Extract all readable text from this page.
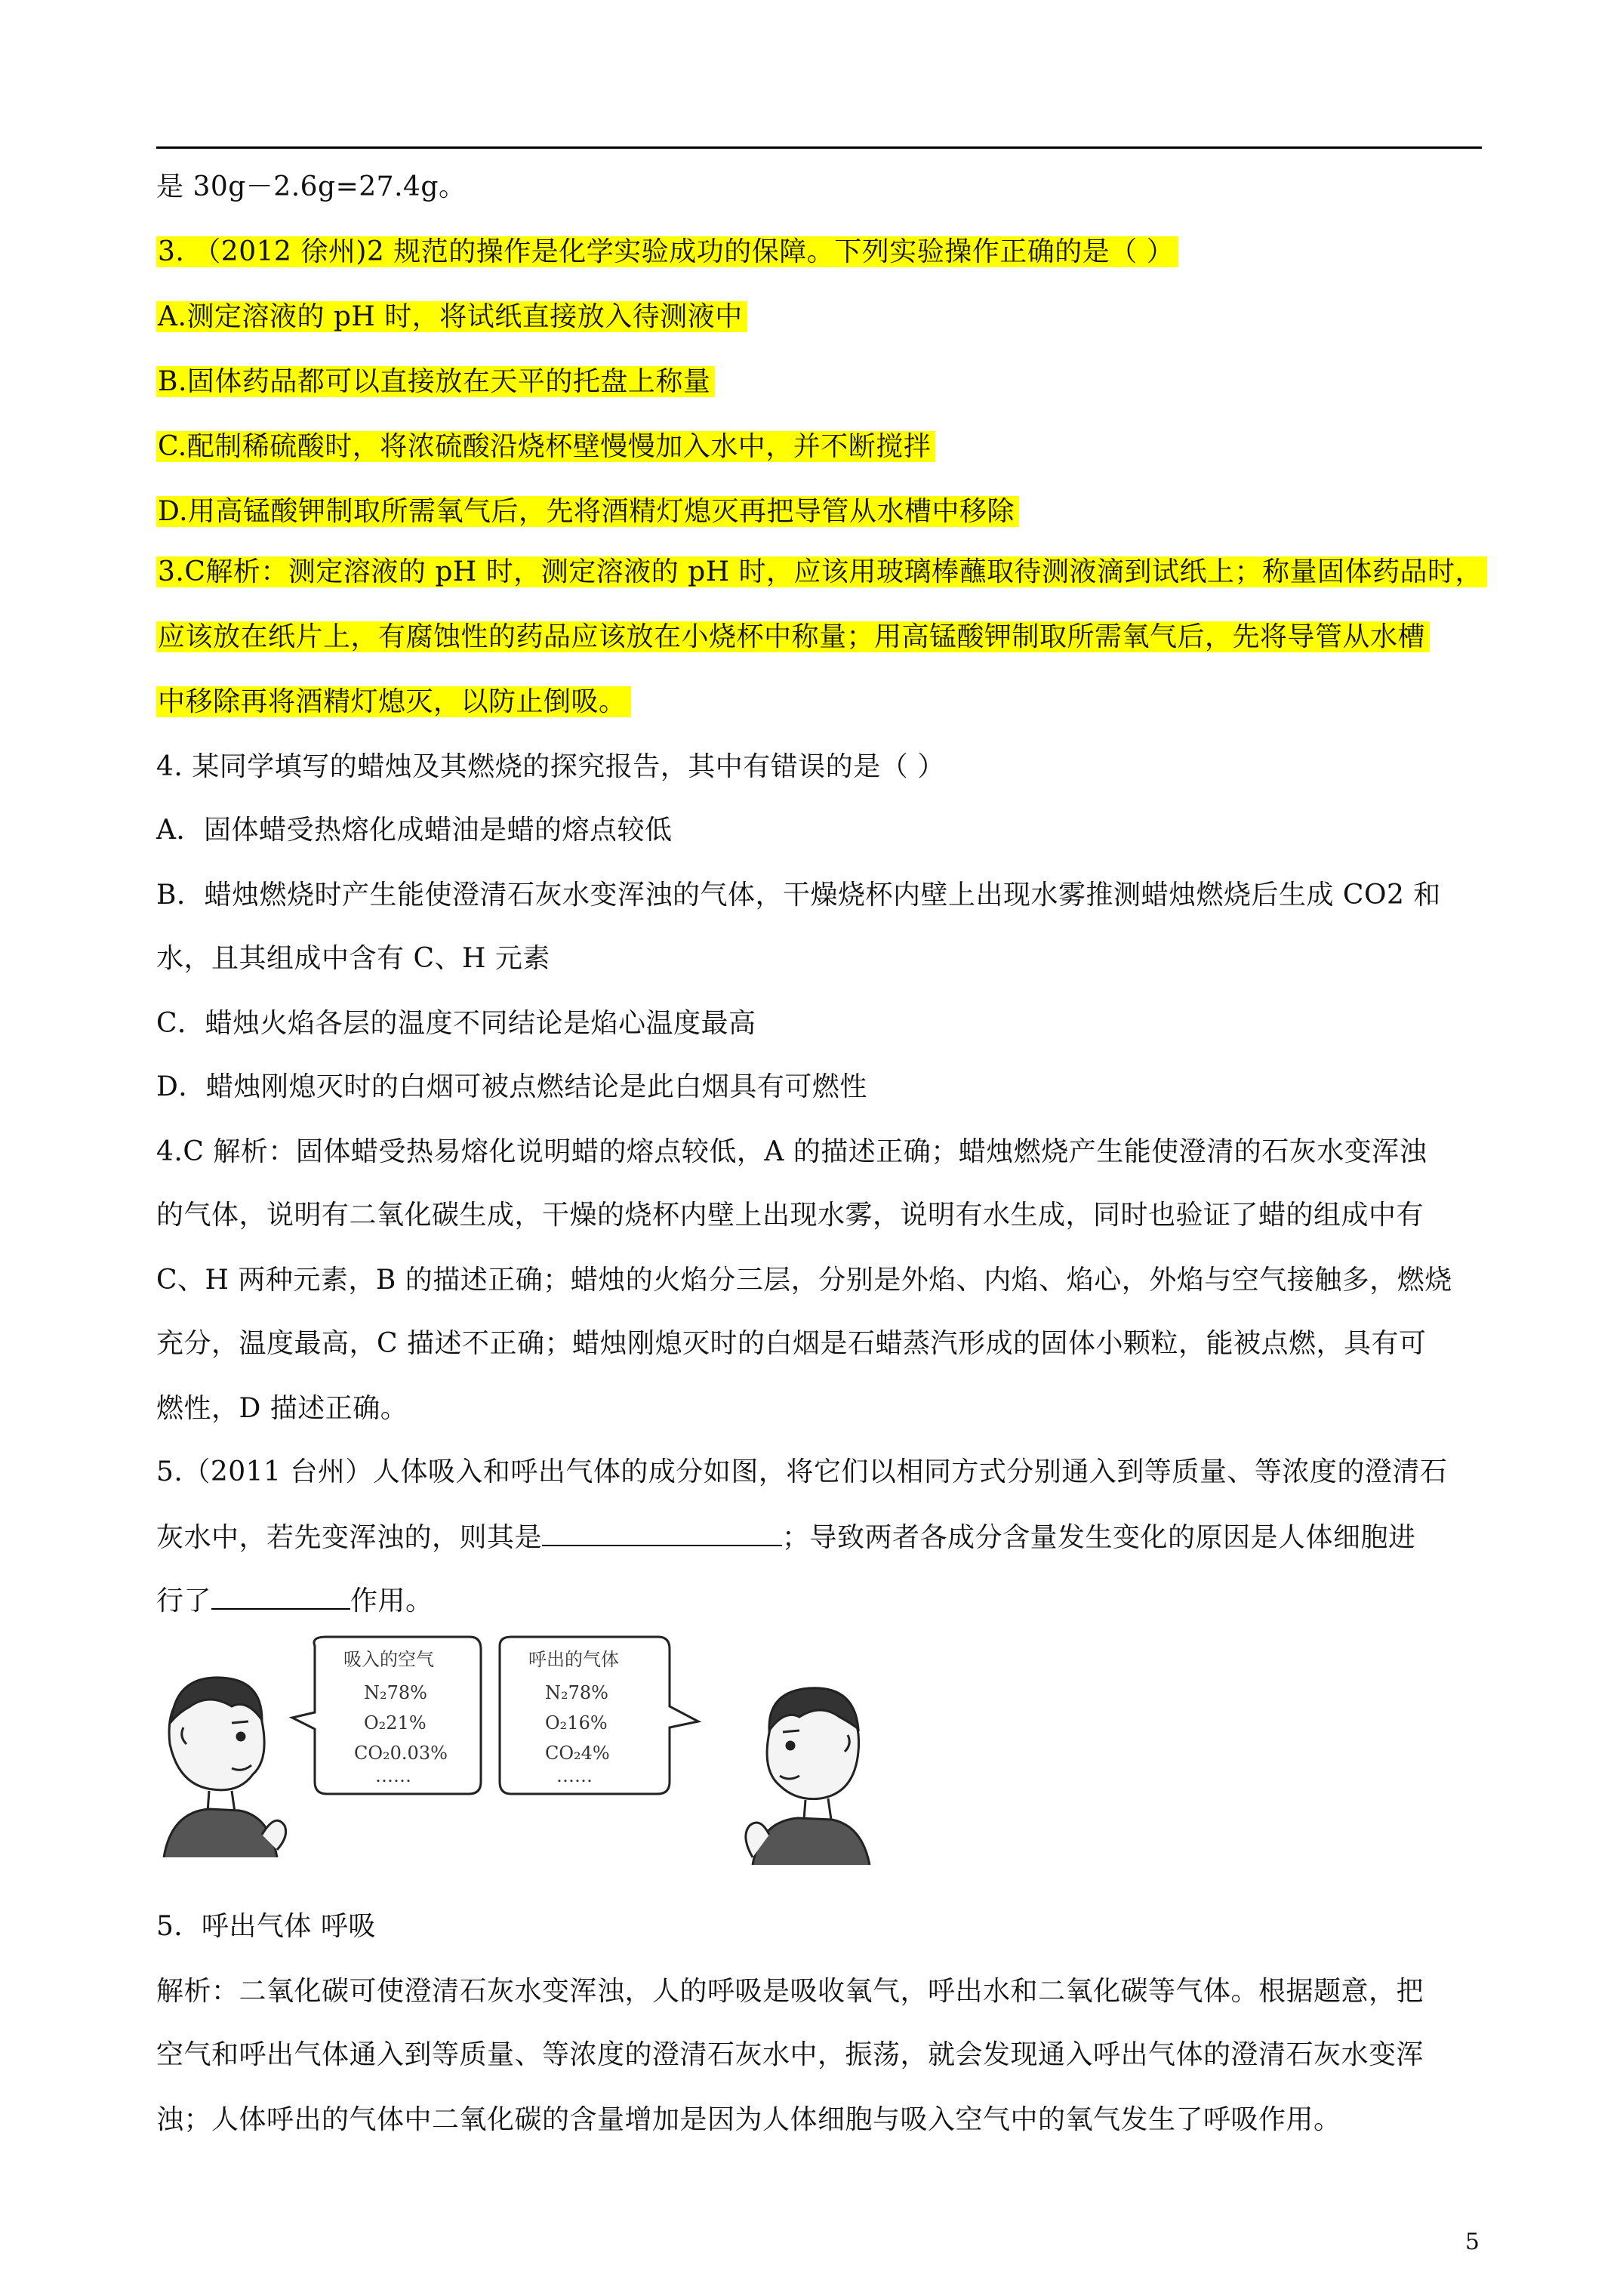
是 30g－2.6g=27.4g。
3. （2012 徐州)2 规范的操作是化学实验成功的保障。下列实验操作正确的是（ ）
A.测定溶液的 pH 时，将试纸直接放入待测液中
B.固体药品都可以直接放在天平的托盘上称量
C.配制稀硫酸时，将浓硫酸沿烧杯壁慢慢加入水中，并不断搅拌
D.用高锰酸钾制取所需氧气后，先将酒精灯熄灭再把导管从水槽中移除
3.C解析：测定溶液的 pH 时，测定溶液的 pH 时，应该用玻璃棒蘸取待测液滴到试纸上；称量固体药品时，
应该放在纸片上，有腐蚀性的药品应该放在小烧杯中称量；用高锰酸钾制取所需氧气后，先将导管从水槽
中移除再将酒精灯熄灭，以防止倒吸。
4. 某同学填写的蜡烛及其燃烧的探究报告，其中有错误的是（ ）
A．固体蜡受热熔化成蜡油是蜡的熔点较低
B．蜡烛燃烧时产生能使澄清石灰水变浑浊的气体，干燥烧杯内壁上出现水雾推测蜡烛燃烧后生成 CO2 和
水，且其组成中含有 C、H 元素
C．蜡烛火焰各层的温度不同结论是焰心温度最高
D．蜡烛刚熄灭时的白烟可被点燃结论是此白烟具有可燃性
4.C 解析：固体蜡受热易熔化说明蜡的熔点较低，A 的描述正确；蜡烛燃烧产生能使澄清的石灰水变浑浊
的气体，说明有二氧化碳生成，干燥的烧杯内壁上出现水雾，说明有水生成，同时也验证了蜡的组成中有
C、H 两种元素，B 的描述正确；蜡烛的火焰分三层，分别是外焰、内焰、焰心，外焰与空气接触多，燃烧
充分，温度最高，C 描述不正确；蜡烛刚熄灭时的白烟是石蜡蒸汽形成的固体小颗粒，能被点燃，具有可
燃性，D 描述正确。
5.（2011 台州）人体吸入和呼出气体的成分如图，将它们以相同方式分别通入到等质量、等浓度的澄清石
灰水中，若先变浑浊的，则其是	；导致两者各成分含量发生变化的原因是人体细胞进
行了	作用。
吸入的空气
N₂78%
O₂21%
CO₂0.03%
……
呼出的气体
N₂78%
O₂16%
CO₂4%
……
5．呼出气体 呼吸
解析：二氧化碳可使澄清石灰水变浑浊，人的呼吸是吸收氧气，呼出水和二氧化碳等气体。根据题意，把
空气和呼出气体通入到等质量、等浓度的澄清石灰水中，振荡，就会发现通入呼出气体的澄清石灰水变浑
浊；人体呼出的气体中二氧化碳的含量增加是因为人体细胞与吸入空气中的氧气发生了呼吸作用。
5
